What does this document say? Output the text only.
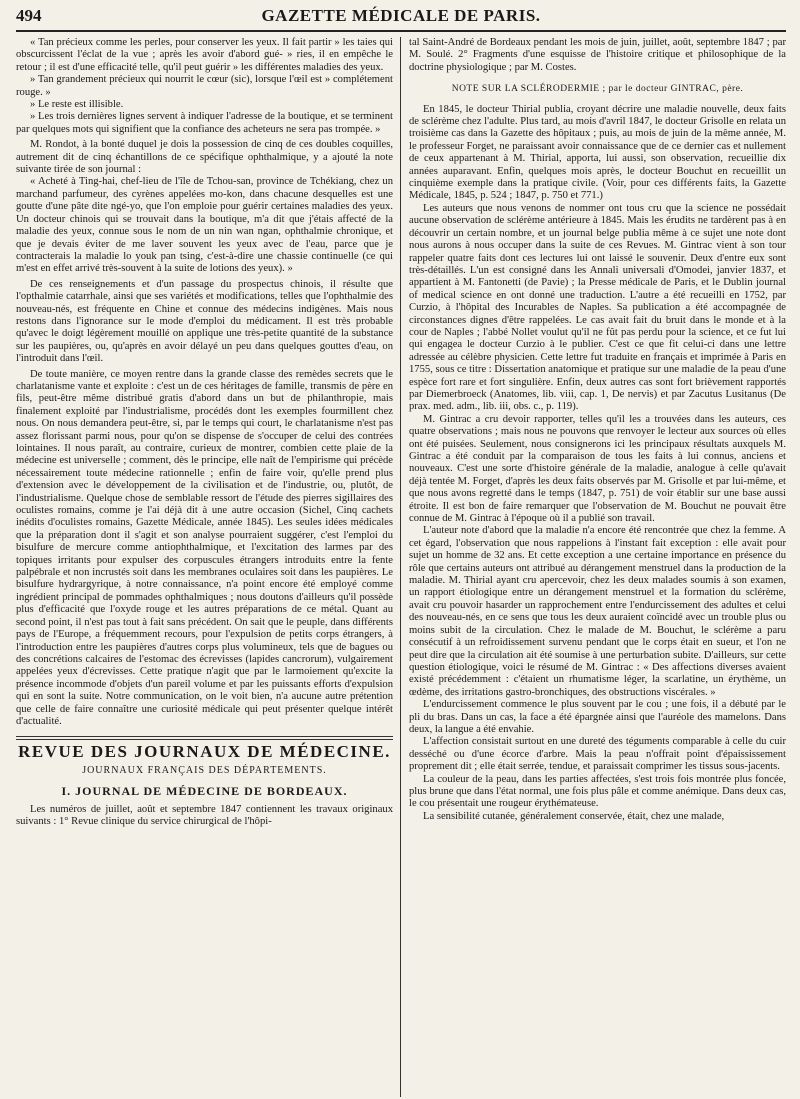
494	GAZETTE MÉDICALE DE PARIS.

« Tan précieux comme les perles, pour conserver les yeux. Il fait partir » les taies qui obscurcissent l'éclat de la vue ; après les avoir d'abord gué- » ries, il en empêche le retour ; il est d'une efficacité telle, qu'il peut guérir » les différentes maladies des yeux.

» Tan grandement précieux qui nourrit le cœur (sic), lorsque l'œil est » complétement rouge. »

» Le reste est illisible.

» Les trois dernières lignes servent à indiquer l'adresse de la boutique, et se terminent par quelques mots qui signifient que la confiance des acheteurs ne sera pas trompée. »

M. Rondot, à la bonté duquel je dois la possession de cinq de ces doubles coquilles, autrement dit de cinq échantillons de ce spécifique ophthalmique, y a ajouté la note suivante tirée de son journal :

« Acheté à Ting-hai, chef-lieu de l'île de Tchou-san, province de Tchékiang, chez un marchand parfumeur, des cyrènes appelées mo-kon, dans chacune desquelles est une goutte d'une pâte dite ngé-yo, que l'on emploie pour guérir certaines maladies des yeux. Un docteur chinois qui se trouvait dans la boutique, m'a dit que j'étais affecté de la maladie des yeux, connue sous le nom de un nin wan ngan, ophthalmie chronique, et que je devais éviter de me laver souvent les yeux avec de l'eau, parce que je contracterais la maladie lo youk pan tsing, c'est-à-dire une chassie continuelle (ce qui m'est en effet arrivé très-souvent à la suite de lotions des yeux). »

De ces renseignements et d'un passage du prospectus chinois, il résulte que l'opthalmie catarrhale, ainsi que ses variétés et modifications, telles que l'ophthalmie des nouveau-nés, est fréquente en Chine et connue des médecins indigènes. Mais nous restons dans l'ignorance sur le mode d'emploi du médicament. Il est très probable qu'avec le doigt légèrement mouillé on applique une très-petite quantité de la substance sur les paupières, ou, qu'après en avoir délayé un peu dans quelques gouttes d'eau, on l'introduit dans l'œil.

De toute manière, ce moyen rentre dans la grande classe des remèdes secrets que le charlatanisme vante et exploite : c'est un de ces héritages de famille, transmis de père en fils, peut-être même distribué gratis d'abord dans un but de philanthropie, mais finalement exploité par l'industrialisme, procédés dont les exemples fourmillent chez nous. On nous demandera peut-être, si, par le temps qui court, le charlatanisme n'est pas assez florissant parmi nous, pour qu'on se dispense de s'occuper de celui des contrées lointaines. Il nous paraît, au contraire, curieux de montrer, combien cette plaie de la médecine est universelle ; comment, dès le principe, elle naît de l'empirisme qui précède nécessairement toute médecine rationnelle ; enfin de faire voir, qu'elle prend plus d'extension avec le développement de la civilisation et de l'industrie, ou, plutôt, de l'industrialisme. Quelque chose de semblable ressort de l'étude des pierres sigillaires des oculistes romains, comme je l'ai déjà dit à une autre occasion (Sichel, Cinq cachets inédits d'oculistes romains, Gazette Médicale, année 1845). Les seules idées médicales que la préparation dont il s'agit et son analyse pourraient suggérer, c'est l'emploi du bisulfure de mercure comme antiophthalmique, et l'excitation des larmes par des topiques irritants pour expulser des corpuscules étrangers introduits entre la fente palpébrale et non incrustés soit dans les membranes oculaires soit dans les paupières. Le bisulfure hydrargyrique, à notre connaissance, n'a point encore été employé comme ingrédient principal de pommades ophthalmiques ; nous doutons d'ailleurs qu'il possède plus d'efficacité que l'oxyde rouge et les autres préparations de ce métal. Quant au second point, il n'est pas tout à fait sans précédent. On sait que le peuple, dans différents pays de l'Europe, a fréquemment recours, pour l'expulsion de petits corps étrangers, à l'introduction entre les paupières d'autres corps plus volumineux, tels que de bagues ou des concrétions calcaires de l'estomac des écrevisses (lapides cancrorum), vulgairement appelées yeux d'écrevisses. Cette pratique n'agit que par le larmoiement qu'excite la présence incommode d'objets d'un pareil volume et par les puissants efforts d'expulsion qui en sont la suite. Notre communication, on le voit bien, n'a aucune autre prétention que celle de faire connaître une curiosité médicale qui peut présenter quelque intérêt d'actualité.

REVUE DES JOURNAUX DE MÉDECINE.
JOURNAUX FRANÇAIS DES DÉPARTEMENTS.
I. JOURNAL DE MÉDECINE DE BORDEAUX.

Les numéros de juillet, août et septembre 1847 contiennent les travaux originaux suivants : 1° Revue clinique du service chirurgical de l'hôpi-

tal Saint-André de Bordeaux pendant les mois de juin, juillet, août, septembre 1847 ; par M. Soulé. 2° Fragments d'une esquisse de l'histoire critique et philosophique de la doctrine physiologique ; par M. Costes.

NOTE SUR LA SCLÉRODERMIE ; par le docteur GINTRAC, père.

En 1845, le docteur Thirial publia, croyant décrire une maladie nouvelle, deux faits de sclérème chez l'adulte. Plus tard, au mois d'avril 1847, le docteur Grisolle en relata un troisième cas dans la Gazette des hôpitaux ; puis, au mois de juin de la même année, M. le professeur Forget, ne paraissant avoir connaissance que de ce dernier cas et nullement de ceux appartenant à M. Thirial, apporta, lui aussi, son observation, recueillie dix années auparavant. Enfin, quelques mois après, le docteur Bouchut en recueillit un cinquième exemple dans la pratique civile. (Voir, pour ces différents faits, la Gazette Médicale, 1845, p. 524 ; 1847, p. 750 et 771.)

Les auteurs que nous venons de nommer ont tous cru que la science ne possédait aucune observation de sclérème antérieure à 1845. Mais les érudits ne tardèrent pas à en découvrir un certain nombre, et un journal belge publia même à ce sujet une note dont nous aurons à nous occuper dans la suite de ces Revues. M. Gintrac vient à son tour rappeler quatre faits dont ces lectures lui ont laissé le souvenir. Deux d'entre eux sont très-détaillés. L'un est consigné dans les Annali universali d'Omodei, janvier 1837, et appartient à M. Fantonetti (de Pavie) ; la Presse médicale de Paris, et le Dublin journal of medical science en ont donné une traduction. L'autre a été recueilli en 1752, par Curzio, à l'hôpital des Incurables de Naples. Sa publication a été accompagnée de circonstances dignes d'être rappelées. Le cas avait fait du bruit dans le monde et à la cour de Naples ; l'abbé Nollet voulut qu'il ne fût pas perdu pour la science, et ce fut lui qui engagea le docteur Curzio à le publier. C'est ce que fit celui-ci dans une lettre adressée au célèbre physicien. Cette lettre fut traduite en français et imprimée à Paris en 1755, sous ce titre : Dissertation anatomique et pratique sur une maladie de la peau d'une espèce fort rare et fort singulière. Enfin, deux autres cas sont fort brièvement rapportés par Diemerbroeck (Anatomes, lib. viii, cap. 1, De nervis) et par Zacutus Lusitanus (De prax. med. adm., lib. iii, obs. c., p. 119).

M. Gintrac a cru devoir rapporter, telles qu'il les a trouvées dans les auteurs, ces quatre observations ; mais nous ne pouvons que renvoyer le lecteur aux sources où elles ont été puisées. Seulement, nous consignerons ici les principaux résultats auxquels M. Gintrac a été conduit par la comparaison de tous les faits à lui connus, anciens et nouveaux. C'est une sorte d'histoire générale de la maladie, analogue à celle qu'avait déjà tentée M. Forget, d'après les deux faits observés par M. Grisolle et par lui-même, et que nous avons regretté dans le temps (1847, p. 751) de voir établir sur une base aussi étroite. Il est bon de faire remarquer que l'observation de M. Bouchut ne pouvait être connue de M. Gintrac à l'époque où il a publié son travail.

L'auteur note d'abord que la maladie n'a encore été rencontrée que chez la femme. A cet égard, l'observation que nous rappelions à l'instant fait exception : elle avait pour sujet un homme de 32 ans. Et cette exception a une certaine importance en présence du rôle que certains auteurs ont attribué au dérangement menstruel dans la production de la maladie. M. Thirial ayant cru apercevoir, chez les deux malades soumis à son examen, un rapport étiologique entre un dérangement menstruel et la formation du sclérème, avait cru pouvoir hasarder un rapprochement entre l'endurcissement des adultes et celui des nouveau-nés, en ce sens que tous les deux auraient coïncidé avec un trouble plus ou moins subit de la circulation. Chez le malade de M. Bouchut, le sclérème a paru consécutif à un refroidissement survenu pendant que le corps était en sueur, et l'on ne peut dire que la circulation ait été soumise à une perturbation subite. D'ailleurs, sur cette question étiologique, voici le résumé de M. Gintrac : « Des affections diverses avaient existé précédemment : c'étaient un rhumatisme léger, la scarlatine, un érythème, un œdème, des irritations gastro-bronchiques, des obstructions viscérales. »

L'endurcissement commence le plus souvent par le cou ; une fois, il a débuté par le pli du bras. Dans un cas, la face a été épargnée ainsi que l'auréole des mamelons. Dans deux, la langue a été envahie.

L'affection consistait surtout en une dureté des téguments comparable à celle du cuir desséché ou d'une écorce d'arbre. Mais la peau n'offrait point d'épaississement proprement dit ; elle était serrée, tendue, et paraissait comprimer les tissus sous-jacents.

La couleur de la peau, dans les parties affectées, s'est trois fois montrée plus foncée, plus brune que dans l'état normal, une fois plus pâle et comme anémique. Dans deux cas, le cou présentait une rougeur érythémateuse.

La sensibilité cutanée, généralement conservée, était, chez une malade,
